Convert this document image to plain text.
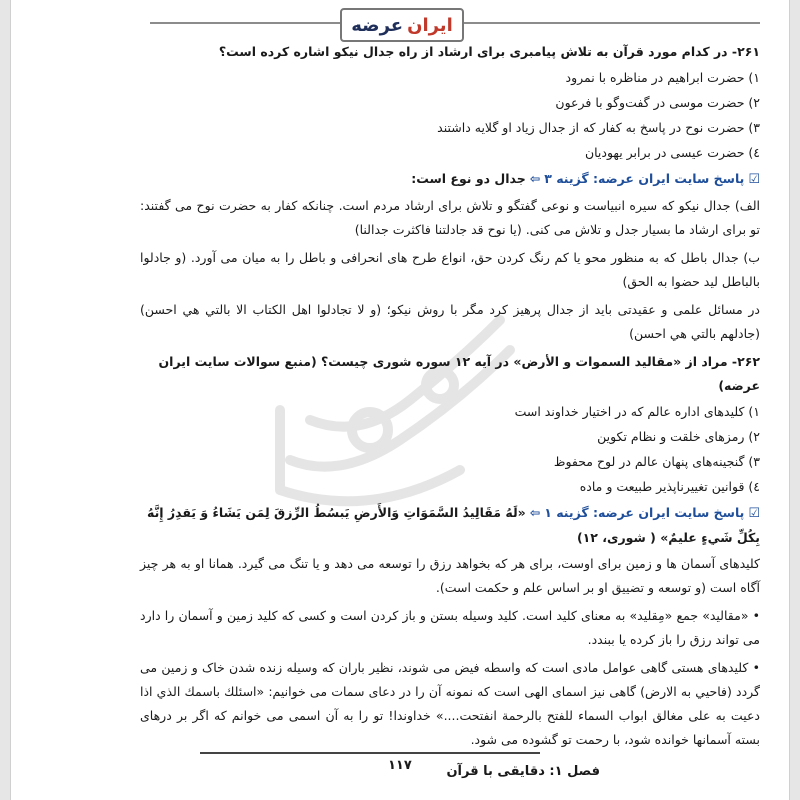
ایران
عرضه
۲۶۱- در کدام مورد قرآن به تلاش پیامبری برای ارشاد از راه جدال نیکو اشاره کرده است؟
۱) حضرت ابراهیم در مناظره با نمرود
۲) حضرت موسی در گفت‌وگو با فرعون
۳) حضرت نوح در پاسخ به کفار که از جدال زیاد او گلایه داشتند
٤) حضرت عیسی در برابر یهودیان
☑پاسخ سایت ایران عرضه: گزینه ۳⇦جدال دو نوع است:
الف) جدال نیکو که سیره انبیاست و نوعی گفتگو و تلاش برای ارشاد مردم است. چنانکه کفار به حضرت نوح می گفتند: تو برای ارشاد ما بسیار جدل و تلاش می کنی. (یا نوح قد جادلتنا فاکثرت جدالنا)
ب) جدال باطل که به منظور محو یا کم رنگ کردن حق، انواع طرح های انحرافی و باطل را به میان می آورد. (و جادلوا بالباطل لید حضوا به الحق)
در مسائل علمی و عقیدتی باید از جدال پرهیز کرد مگر با روش نیکو؛ (و لا تجادلوا اهل الکتاب الا بالتي هي احسن) (جادلهم بالتي هي احسن)
۲۶۲- مراد از «مقالید السموات و الأرض» در آیه ۱۲ سوره شوری چیست؟ (منبع سوالات سایت ایران عرضه)
۱) کلیدهای اداره عالم که در اختیار خداوند است
۲) رمزهای خلقت و نظام تکوین
۳) گنجینه‌های پنهان عالم در لوح محفوظ
٤) قوانین تغییرناپذیر طبیعت و ماده
☑پاسخ سایت ایران عرضه: گزینه ۱⇦«لَهُ مَقَالِيدُ السَّمَوَاتِ وَالأَرضِ يَبسُطُ الرِّزقَ لِمَن يَشَاءُ وَ يَقدِرُ إِنَّهُ بِكُلِّ شَيءٍ عليمٌ» ( شوری، ۱۲)
کلیدهای آسمان ها و زمین برای اوست، برای هر که بخواهد رزق را توسعه می دهد و یا تنگ می گیرد. همانا او به هر چیز آگاه است (و توسعه و تضییق او بر اساس علم و حکمت است).
• «مقالید» جمع «مِقلید» به معنای کلید است. کلید وسیله بستن و باز کردن است و کسی که کلید زمین و آسمان را دارد می تواند رزق را باز کرده یا ببندد.
• کلیدهای هستی گاهی عوامل مادی است که واسطه فیض می شوند، نظیر باران که وسیله زنده شدن خاک و زمین می گردد (فاحيي به الارض) گاهی نیز اسمای الهی است که نمونه آن را در دعای سمات می خوانیم: «اسئلك باسمك الذي اذا دعيت به علی مغالق ابواب السماء للفتح بالرحمة انفتحت....» خداوندا! تو را به آن اسمی می خوانم که اگر بر درهای بسته آسمانها خوانده شود، با رحمت تو گشوده می شود.
۱۱۷	فصل ۱: دقایقی با قرآن
